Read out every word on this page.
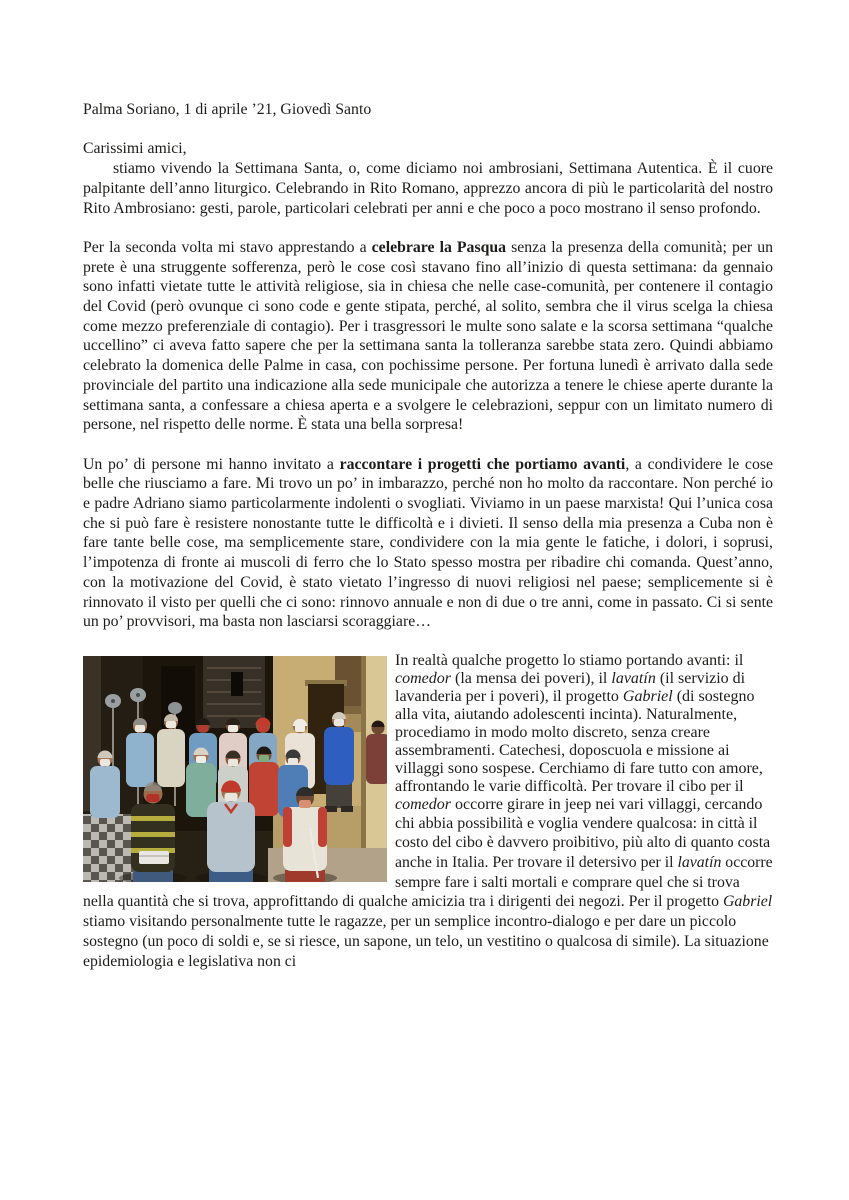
Palma Soriano, 1 di aprile ’21, Giovedì Santo
Carissimi amici,

stiamo vivendo la Settimana Santa, o, come diciamo noi ambrosiani, Settimana Autentica. È il cuore palpitante dell’anno liturgico. Celebrando in Rito Romano, apprezzo ancora di più le particolarità del nostro Rito Ambrosiano: gesti, parole, particolari celebrati per anni e che poco a poco mostrano il senso profondo.

Per la seconda volta mi stavo apprestando a celebrare la Pasqua senza la presenza della comunità; per un prete è una struggente sofferenza, però le cose così stavano fino all’inizio di questa settimana: da gennaio sono infatti vietate tutte le attività religiose, sia in chiesa che nelle case-comunità, per contenere il contagio del Covid (però ovunque ci sono code e gente stipata, perché, al solito, sembra che il virus scelga la chiesa come mezzo preferenziale di contagio). Per i trasgressori le multe sono salate e la scorsa settimana “qualche uccellino” ci aveva fatto sapere che per la settimana santa la tolleranza sarebbe stata zero. Quindi abbiamo celebrato la domenica delle Palme in casa, con pochissime persone. Per fortuna lunedì è arrivato dalla sede provinciale del partito una indicazione alla sede municipale che autorizza a tenere le chiese aperte durante la settimana santa, a confessare a chiesa aperta e a svolgere le celebrazioni, seppur con un limitato numero di persone, nel rispetto delle norme. È stata una bella sorpresa!

Un po’ di persone mi hanno invitato a raccontare i progetti che portiamo avanti, a condividere le cose belle che riusciamo a fare. Mi trovo un po’ in imbarazzo, perché non ho molto da raccontare. Non perché io e padre Adriano siamo particolarmente indolenti o svogliati. Viviamo in un paese marxista! Qui l’unica cosa che si può fare è resistere nonostante tutte le difficoltà e i divieti. Il senso della mia presenza a Cuba non è fare tante belle cose, ma semplicemente stare, condividere con la mia gente le fatiche, i dolori, i soprusi, l’impotenza di fronte ai muscoli di ferro che lo Stato spesso mostra per ribadire chi comanda. Quest’anno, con la motivazione del Covid, è stato vietato l’ingresso di nuovi religiosi nel paese; semplicemente si è rinnovato il visto per quelli che ci sono: rinnovo annuale e non di due o tre anni, come in passato. Ci si sente un po’ provvisori, ma basta non lasciarsi scoraggiare…

In realtà qualche progetto lo stiamo portando avanti: il comedor (la mensa dei poveri), il lavatín (il servizio di lavanderia per i poveri), il progetto Gabriel (di sostegno alla vita, aiutando adolescenti incinta). Naturalmente, procediamo in modo molto discreto, senza creare assembramenti. Catechesi, doposcuola e missione ai villaggi sono sospese. Cerchiamo di fare tutto con amore, affrontando le varie difficoltà. Per trovare il cibo per il comedor occorre girare in jeep nei vari villaggi, cercando chi abbia possibilità e voglia vendere qualcosa: in città il costo del cibo è davvero proibitivo, più alto di quanto costa anche in Italia. Per trovare il detersivo per il lavatín occorre sempre fare i salti mortali e comprare quel che si trova nella quantità che si trova, approfittando di qualche amicizia tra i dirigenti dei negozi. Per il progetto Gabriel stiamo visitando personalmente tutte le ragazze, per un semplice incontro-dialogo e per dare un piccolo sostegno (un poco di soldi e, se si riesce, un sapone, un telo, un vestitino o qualcosa di simile). La situazione epidemiologia e legislativa non ci
